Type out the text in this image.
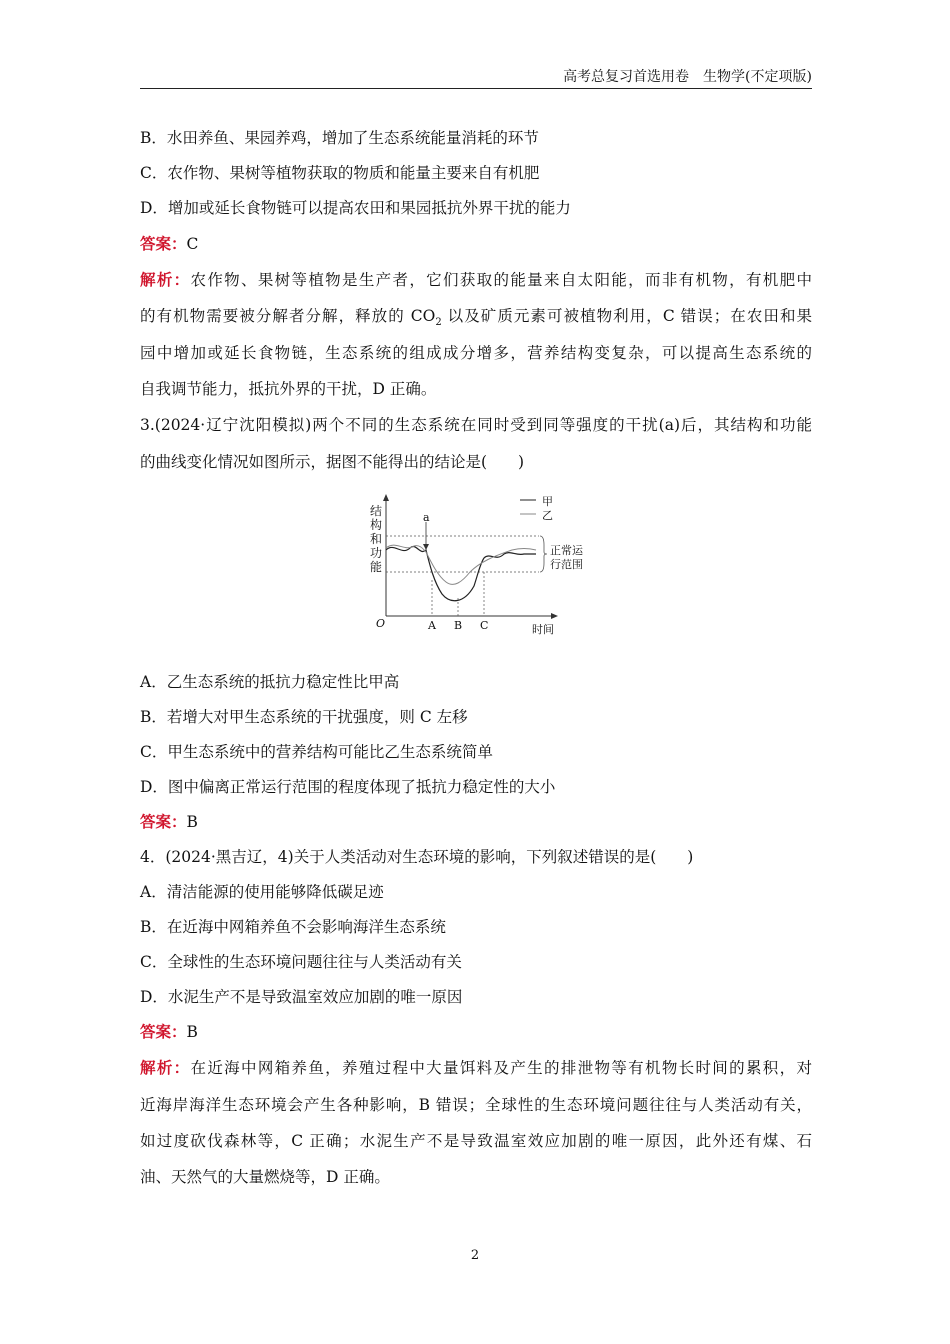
高考总复习首选用卷　生物学(不定项版)
B．水田养鱼、果园养鸡，增加了生态系统能量消耗的环节
C．农作物、果树等植物获取的物质和能量主要来自有机肥
D．增加或延长食物链可以提高农田和果园抵抗外界干扰的能力
答案：C
解析：农作物、果树等植物是生产者，它们获取的能量来自太阳能，而非有机物，有机肥中
的有机物需要被分解者分解，释放的 $CO_2$ 以及矿质元素可被植物利用，C 错误；在农田和果
园中增加或延长食物链，生态系统的组成成分增多，营养结构变复杂，可以提高生态系统的
自我调节能力，抵抗外界的干扰，D 正确。
3.(2024·辽宁沈阳模拟)两个不同的生态系统在同时受到同等强度的干扰(a)后，其结构和功能
的曲线变化情况如图所示，据图不能得出的结论是(　　)
结构和功能
甲
乙
a
正常运
行范围
O	A B C	时间
A．乙生态系统的抵抗力稳定性比甲高
B．若增大对甲生态系统的干扰强度，则 C 左移
C．甲生态系统中的营养结构可能比乙生态系统简单
D．图中偏离正常运行范围的程度体现了抵抗力稳定性的大小
答案：B
4．(2024·黑吉辽，4)关于人类活动对生态环境的影响，下列叙述错误的是(　　)
A．清洁能源的使用能够降低碳足迹
B．在近海中网箱养鱼不会影响海洋生态系统
C．全球性的生态环境问题往往与人类活动有关
D．水泥生产不是导致温室效应加剧的唯一原因
答案：B
解析：在近海中网箱养鱼，养殖过程中大量饵料及产生的排泄物等有机物长时间的累积，对
近海岸海洋生态环境会产生各种影响，B 错误；全球性的生态环境问题往往与人类活动有关，
如过度砍伐森林等，C 正确；水泥生产不是导致温室效应加剧的唯一原因，此外还有煤、石
油、天然气的大量燃烧等，D 正确。
2
